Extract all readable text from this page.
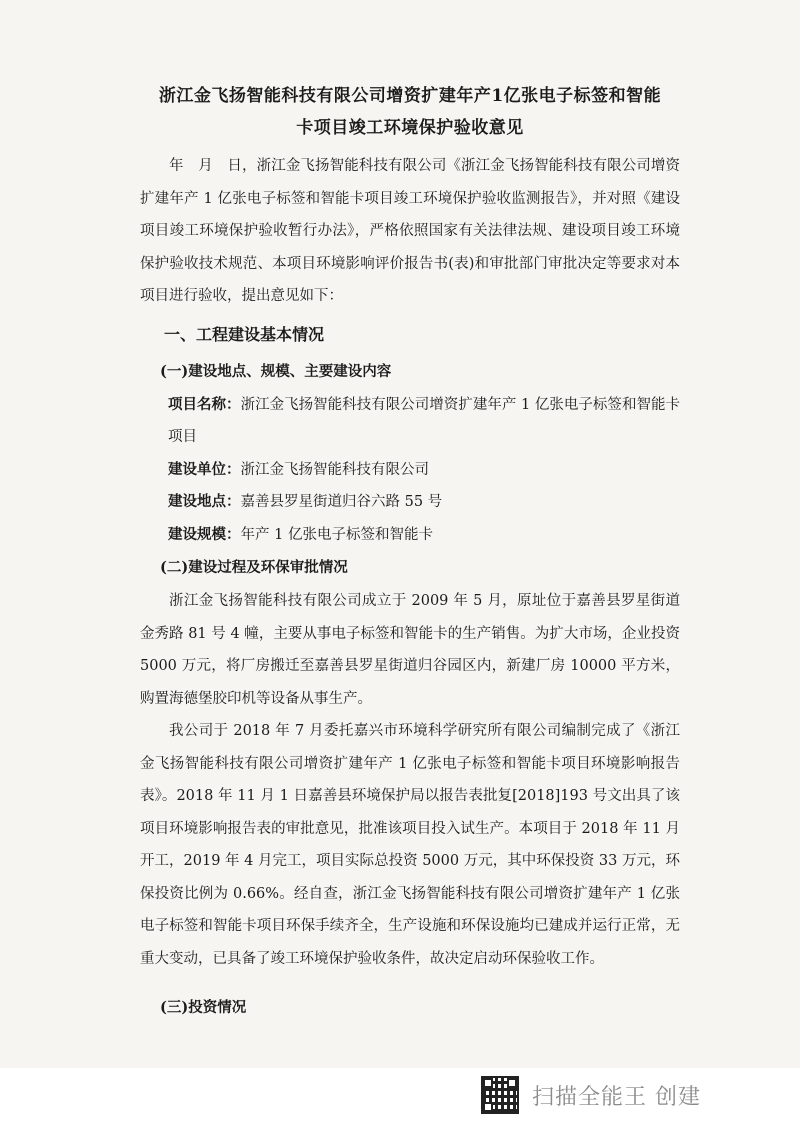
浙江金飞扬智能科技有限公司增资扩建年产1亿张电子标签和智能
卡项目竣工环境保护验收意见

年　月　日，浙江金飞扬智能科技有限公司《浙江金飞扬智能科技有限公司增资扩建年产 1 亿张电子标签和智能卡项目竣工环境保护验收监测报告》，并对照《建设项目竣工环境保护验收暂行办法》，严格依照国家有关法律法规、建设项目竣工环境保护验收技术规范、本项目环境影响评价报告书(表)和审批部门审批决定等要求对本项目进行验收，提出意见如下：

一、工程建设基本情况
(一)建设地点、规模、主要建设内容

项目名称：浙江金飞扬智能科技有限公司增资扩建年产 1 亿张电子标签和智能卡项目

建设单位：浙江金飞扬智能科技有限公司

建设地点：嘉善县罗星街道归谷六路 55 号

建设规模：年产 1 亿张电子标签和智能卡

(二)建设过程及环保审批情况

浙江金飞扬智能科技有限公司成立于 2009 年 5 月，原址位于嘉善县罗星街道金秀路 81 号 4 幢，主要从事电子标签和智能卡的生产销售。为扩大市场，企业投资 5000 万元，将厂房搬迁至嘉善县罗星街道归谷园区内，新建厂房 10000 平方米，购置海德堡胶印机等设备从事生产。

我公司于 2018 年 7 月委托嘉兴市环境科学研究所有限公司编制完成了《浙江金飞扬智能科技有限公司增资扩建年产 1 亿张电子标签和智能卡项目环境影响报告表》。2018 年 11 月 1 日嘉善县环境保护局以报告表批复[2018]193 号文出具了该项目环境影响报告表的审批意见，批准该项目投入试生产。本项目于 2018 年 11 月开工，2019 年 4 月完工，项目实际总投资 5000 万元，其中环保投资 33 万元，环保投资比例为 0.66%。经自查，浙江金飞扬智能科技有限公司增资扩建年产 1 亿张电子标签和智能卡项目环保手续齐全，生产设施和环保设施均已建成并运行正常，无重大变动，已具备了竣工环境保护验收条件，故决定启动环保验收工作。

(三)投资情况
扫描全能王 创建
